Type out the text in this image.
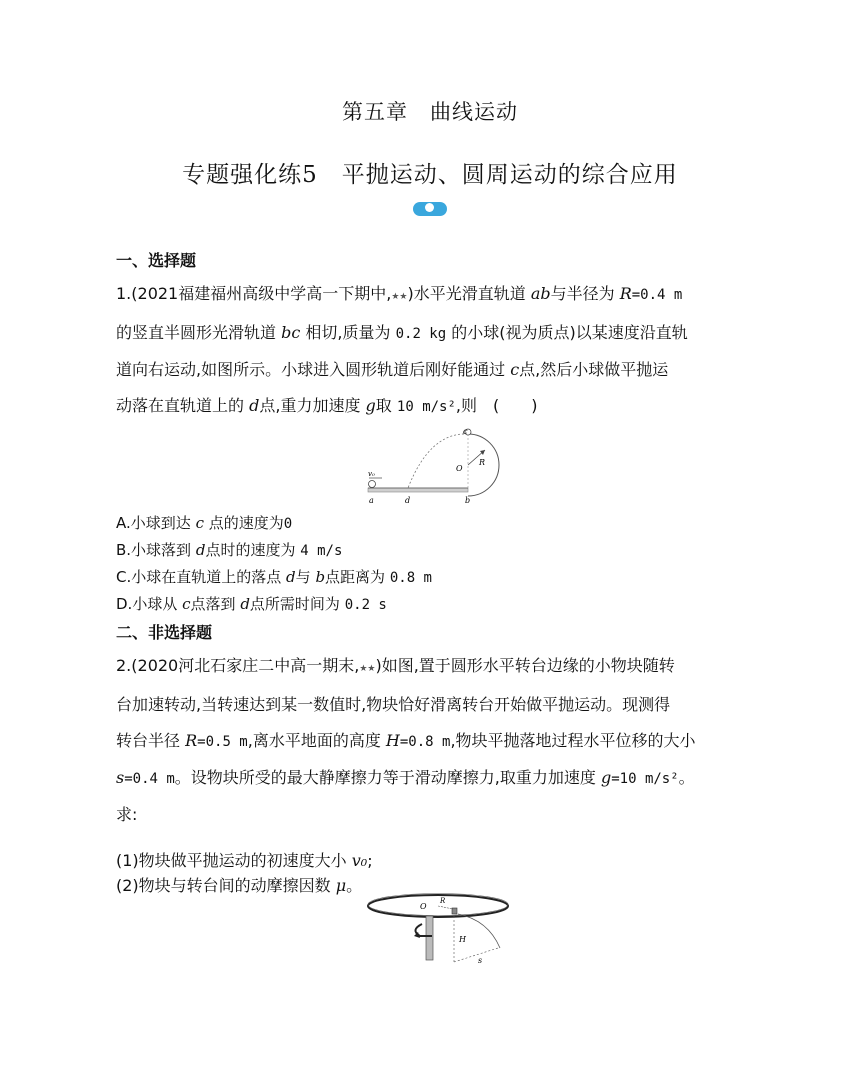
第五章　曲线运动
专题强化练5　平抛运动、圆周运动的综合应用
30min
一、选择题
1.(2021福建福州高级中学高一下期中,★★)水平光滑直轨道 ab与半径为 R=0.4 m
的竖直半圆形光滑轨道 bc 相切,质量为 0.2 kg 的小球(视为质点)以某速度沿直轨
道向右运动,如图所示。小球进入圆形轨道后刚好能通过 c点,然后小球做平抛运
动落在直轨道上的 d点,重力加速度 g取 10 m/s²,则　(　　)
v₀
a	d	b
c
O
R
A.小球到达 c 点的速度为0
B.小球落到 d点时的速度为 4 m/s
C.小球在直轨道上的落点 d与 b点距离为 0.8 m
D.小球从 c点落到 d点所需时间为 0.2 s
二、非选择题
2.(2020河北石家庄二中高一期末,★★)如图,置于圆形水平转台边缘的小物块随转
台加速转动,当转速达到某一数值时,物块恰好滑离转台开始做平抛运动。现测得
转台半径 R=0.5 m,离水平地面的高度 H=0.8 m,物块平抛落地过程水平位移的大小
s=0.4 m。设物块所受的最大静摩擦力等于滑动摩擦力,取重力加速度 g=10 m/s²。
求:
(1)物块做平抛运动的初速度大小 v₀;
(2)物块与转台间的动摩擦因数 μ。
O
R
H
s
